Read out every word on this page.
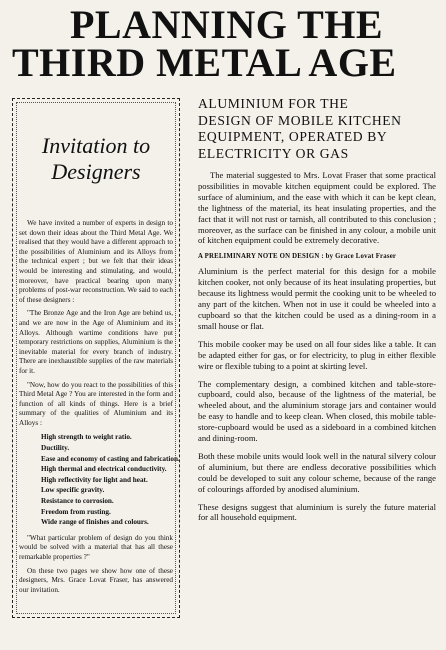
PLANNING THE
THIRD METAL AGE
Invitation to
Designers

We have invited a number of experts in design to set down their ideas about the Third Metal Age. We realised that they would have a different approach to the possibilities of Aluminium and its Alloys from the technical expert ; but we felt that their ideas would be interesting and stimulating, and would, moreover, have practical bearing upon many problems of post-war reconstruction. We said to each of these designers :

"The Bronze Age and the Iron Age are behind us, and we are now in the Age of Aluminium and its Alloys. Although wartime conditions have put temporary restrictions on supplies, Aluminium is the inevitable material for every branch of industry. There are inexhaustible supplies of the raw materials for it.

"Now, how do you react to the possibilities of this Third Metal Age ? You are interested in the form and function of all kinds of things. Here is a brief summary of the qualities of Aluminium and its Alloys :

High strength to weight ratio.
Ductility.
Ease and economy of casting and fabrication.
High thermal and electrical conductivity.
High reflectivity for light and heat.
Low specific gravity.
Resistance to corrosion.
Freedom from rusting.
Wide range of finishes and colours.

"What particular problem of design do you think would be solved with a material that has all these remarkable properties ?"

On these two pages we show how one of these designers, Mrs. Grace Lovat Fraser, has answered our invitation.

ALUMINIUM FOR THE
DESIGN OF MOBILE KITCHEN
EQUIPMENT, OPERATED BY
ELECTRICITY OR GAS

The material suggested to Mrs. Lovat Fraser that some practical possibilities in movable kitchen equipment could be explored. The surface of aluminium, and the ease with which it can be kept clean, the lightness of the material, its heat insulating properties, and the fact that it will not rust or tarnish, all contributed to this conclusion ; moreover, as the surface can be finished in any colour, a mobile unit of kitchen equipment could be extremely decorative.

A PRELIMINARY NOTE ON DESIGN : by Grace Lovat Fraser

Aluminium is the perfect material for this design for a mobile kitchen cooker, not only because of its heat insulating properties, but because its lightness would permit the cooking unit to be wheeled to any part of the kitchen. When not in use it could be wheeled into a cupboard so that the kitchen could be used as a dining-room in a small house or flat.

This mobile cooker may be used on all four sides like a table. It can be adapted either for gas, or for electricity, to plug in either flexible wire or flexible tubing to a point at skirting level.

The complementary design, a combined kitchen and table-store-cupboard, could also, because of the lightness of the material, be wheeled about, and the aluminium storage jars and container would be easy to handle and to keep clean. When closed, this mobile table-store-cupboard would be used as a sideboard in a combined kitchen and dining-room.

Both these mobile units would look well in the natural silvery colour of aluminium, but there are endless decorative possibilities which could be developed to suit any colour scheme, because of the range of colourings afforded by anodised aluminium.

These designs suggest that aluminium is surely the future material for all household equipment.
